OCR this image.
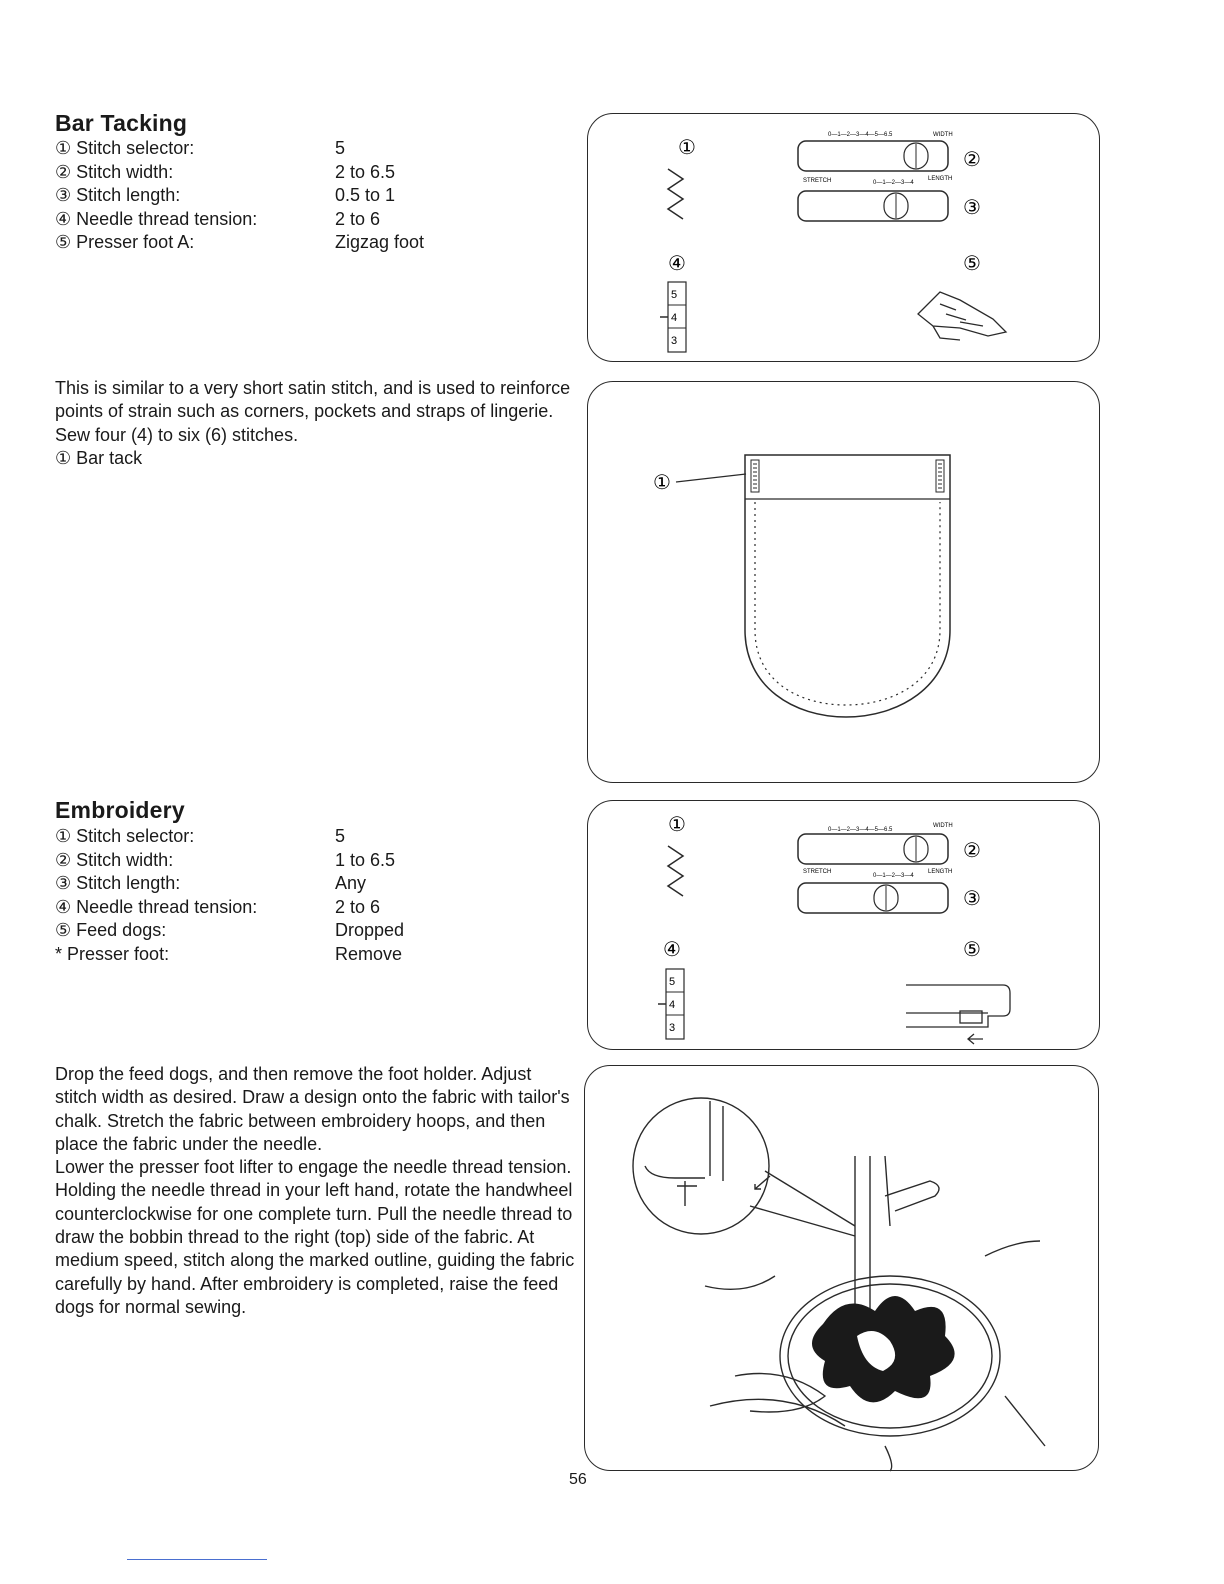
Bar Tacking
① Stitch selector:	5
② Stitch width:	2 to 6.5
③ Stitch length:	0.5 to 1
④ Needle thread tension:	2 to 6
⑤ Presser foot A:	Zigzag foot

This is similar to a very short satin stitch, and is used to reinforce points of strain such as corners, pockets and straps of lingerie.

Sew four (4) to six (6) stitches.

① Bar tack

①
0—1—2—3—4—5—6.5	WIDTH
②
STRETCH	0—1—2—3—4
LENGTH
③
④	⑤
5
4
3
①
Embroidery
① Stitch selector:	5
② Stitch width:	1 to 6.5
③ Stitch length:	Any
④ Needle thread tension:	2 to 6
⑤ Feed dogs:	Dropped
* Presser foot:	Remove

Drop the feed dogs, and then remove the foot holder. Adjust stitch width as desired. Draw a design onto the fabric with tailor's chalk. Stretch the fabric between embroidery hoops, and then place the fabric under the needle.

Lower the presser foot lifter to engage the needle thread tension. Holding the needle thread in your left hand, rotate the handwheel counterclockwise for one complete turn. Pull the needle thread to draw the bobbin thread to the right (top) side of the fabric. At medium speed, stitch along the marked outline, guiding the fabric carefully by hand. After embroidery is completed, raise the feed dogs for normal sewing.

①	0—1—2—3—4—5—6.5
WIDTH
②
STRETCH
0—1—2—3—4
LENGTH
③
④	⑤
5
4
3
56
